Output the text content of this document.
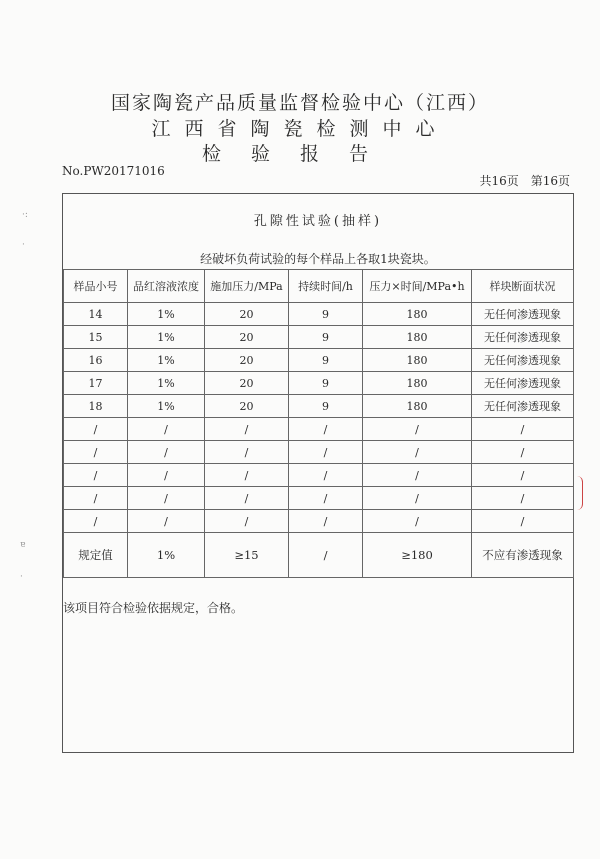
国家陶瓷产品质量监督检验中心（江西）
江西省陶瓷检测中心
检验报告
No.PW20171016
共16页　第16页
·:
·
ɐ
·
孔隙性试验(抽样)
经破坏负荷试验的每个样品上各取1块瓷块。
样品小号	品红溶液浓度	施加压力/MPa	持续时间/h	压力×时间/MPa•h	样块断面状况
14	1%	20	9	180	无任何渗透现象
15	1%	20	9	180	无任何渗透现象
16	1%	20	9	180	无任何渗透现象
17	1%	20	9	180	无任何渗透现象
18	1%	20	9	180	无任何渗透现象
/	/	/	/	/	/
/	/	/	/	/	/
/	/	/	/	/	/
/	/	/	/	/	/
/	/	/	/	/	/
规定值	1%	≥15	/	≥180	不应有渗透现象
该项目符合检验依据规定，合格。
